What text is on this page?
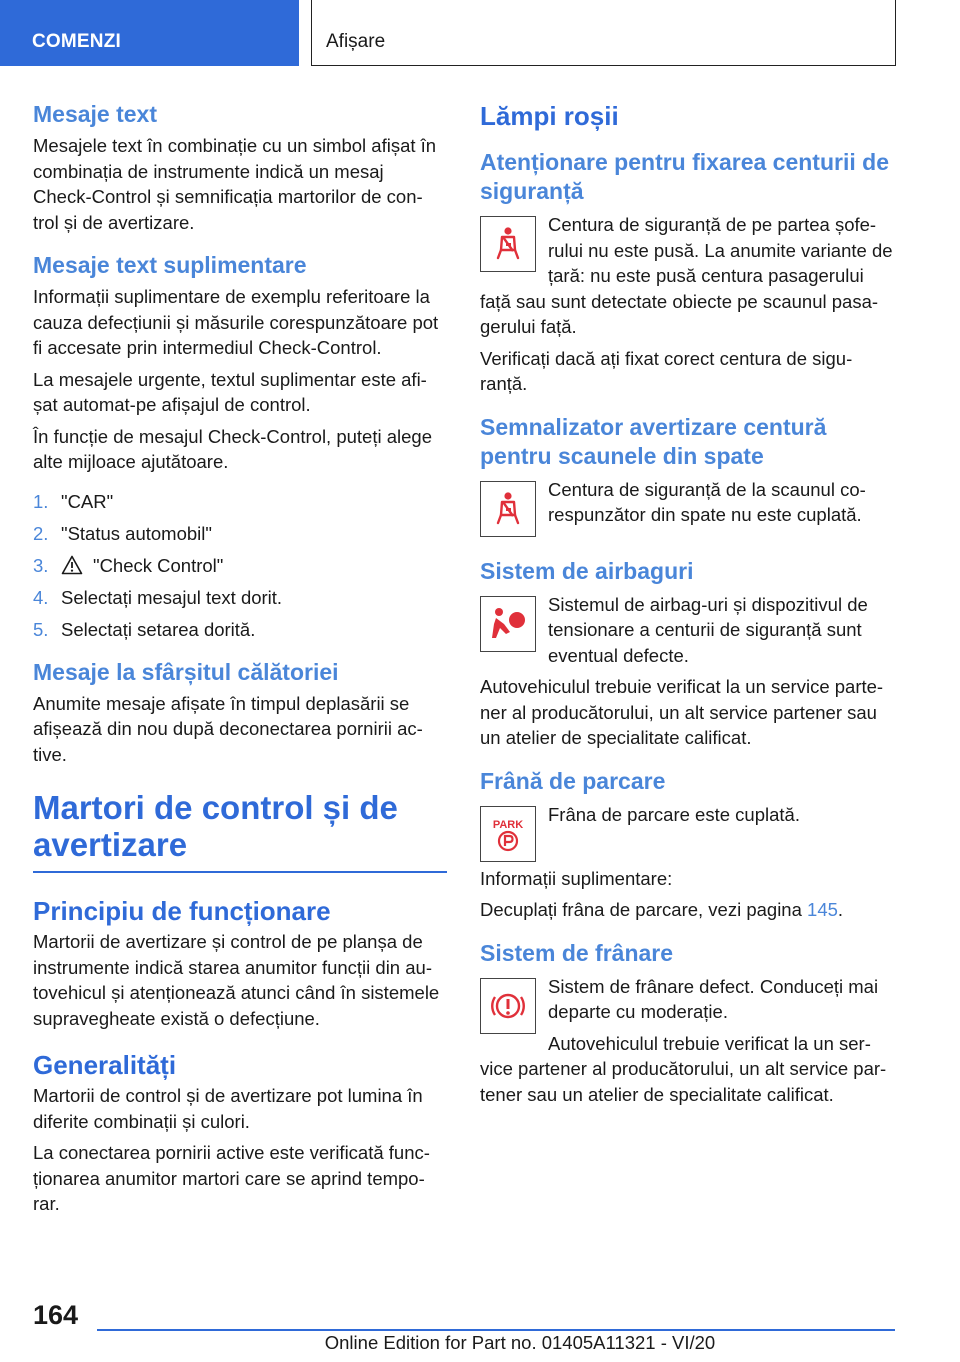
COMENZI	Afișare
Mesaje text

Mesajele text în combinație cu un simbol afișat în combinația de instrumente indică un mesaj Check-Control și semnificația martorilor de con-trol și de avertizare.

Mesaje text suplimentare

Informații suplimentare de exemplu referitoare la cauza defecțiunii și măsurile corespunzătoare pot fi accesate prin intermediul Check-Control.

La mesajele urgente, textul suplimentar este afi-șat automat-pe afișajul de control.

În funcție de mesajul Check-Control, puteți alege alte mijloace ajutătoare.

1. "CAR"
2. "Status automobil"
3.	"Check Control"
4. Selectați mesajul text dorit.
5. Selectați setarea dorită.
Mesaje la sfârșitul călătoriei

Anumite mesaje afișate în timpul deplasării se afișează din nou după deconectarea pornirii ac-tive.

Martori de control și de avertizare
Principiu de funcționare

Martorii de avertizare și control de pe planșa de instrumente indică starea anumitor funcții din au-tovehicul și atenționează atunci când în sistemele supravegheate există o defecțiune.

Generalități

Martorii de control și de avertizare pot lumina în diferite combinații și culori.

La conectarea pornirii active este verificată func-ționarea anumitor martori care se aprind tempo-rar.

Lămpi roșii
Atenționare pentru fixarea centurii de siguranță

Centura de siguranță de pe partea șofe-rului nu este pusă. La anumite variante de țară: nu este pusă centura pasagerului față sau sunt detectate obiecte pe scaunul pasa-gerului față.

Verificați dacă ați fixat corect centura de sigu-ranță.

Semnalizator avertizare centură pentru scaunele din spate

Centura de siguranță de la scaunul co-respunzător din spate nu este cuplată.

Sistem de airbaguri

Sistemul de airbag-uri și dispozitivul de tensionare a centurii de siguranță sunt eventual defecte.

Autovehiculul trebuie verificat la un service parte-ner al producătorului, un alt service partener sau un atelier de specialitate calificat.

Frână de parcare
PARK	Frâna de parcare este cuplată.

Informații suplimentare:

Decuplați frâna de parcare, vezi pagina 145.

Sistem de frânare

Sistem de frânare defect. Conduceți mai departe cu moderație.

Autovehiculul trebuie verificat la un ser-vice partener al producătorului, un alt service par-tener sau un atelier de specialitate calificat.

164
Online Edition for Part no. 01405A11321 - VI/20
